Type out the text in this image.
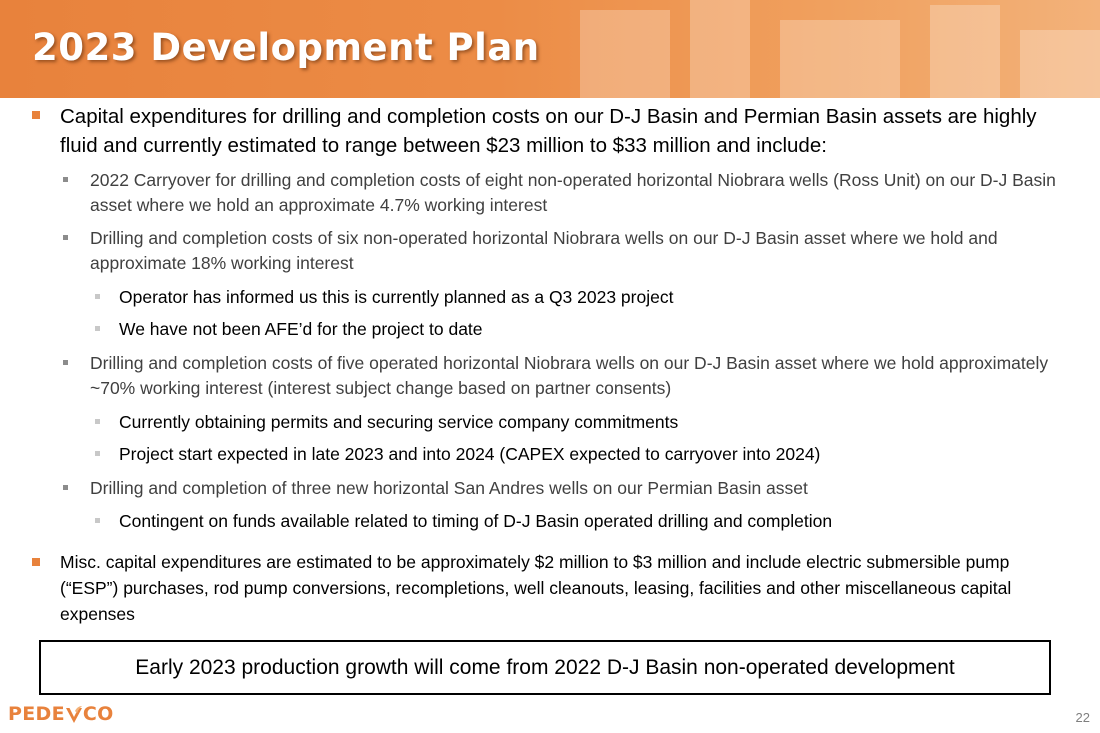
2023 Development Plan
Capital expenditures for drilling and completion costs on our D-J Basin and Permian Basin assets are highly fluid and currently estimated to range between $23 million to $33 million and include:
2022 Carryover for drilling and completion costs of eight non-operated horizontal Niobrara wells (Ross Unit) on our D-J Basin asset where we hold an approximate 4.7% working interest
Drilling and completion costs of six non-operated horizontal Niobrara wells on our D-J Basin asset where we hold and approximate 18% working interest
Operator has informed us this is currently planned as a Q3 2023 project
We have not been AFE’d for the project to date
Drilling and completion costs of five operated horizontal Niobrara wells on our D-J Basin asset where we hold approximately ~70% working interest (interest subject change based on partner consents)
Currently obtaining permits and securing service company commitments
Project start expected in late 2023 and into 2024 (CAPEX expected to carryover into 2024)
Drilling and completion of three new horizontal San Andres wells on our Permian Basin asset
Contingent on funds available related to timing of D-J Basin operated drilling and completion
Misc. capital expenditures are estimated to be approximately $2 million to $3 million and include electric submersible pump (“ESP”) purchases, rod pump conversions, recompletions, well cleanouts, leasing, facilities and other miscellaneous capital expenses
Early 2023 production growth will come from 2022 D-J Basin non-operated development
PEDE CO	22
